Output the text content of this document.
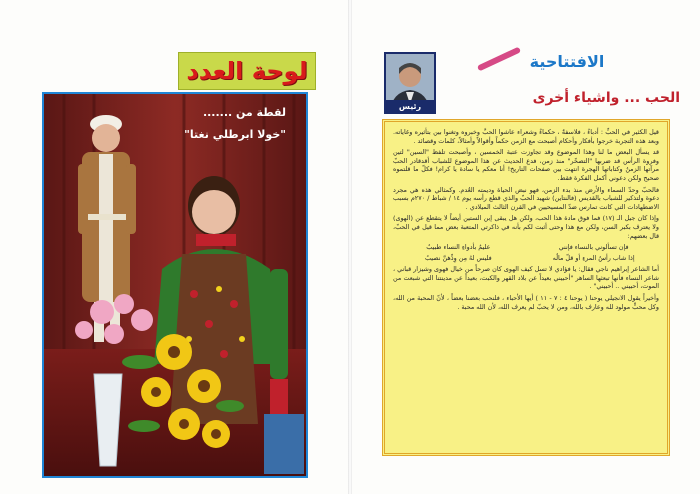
لوحة العدد
لقطة من .......
"خولا ابرطلي نغتا"
الافتتاحية
رئيس
الحب ... واشياء أخرى

قيل الكثير في الحبِّ : أدباءٌ ، فلاسفةٌ ، حكماءٌ وشعراء عاشوا الحبَّ وخبروه وتغنوا بين بتأثيره وغاياته. وبعد هذه التجربة خرجوا بأفكار وأحكام أصبحت مع الزمن حكماً وأقوالاً وأمثالاً، كلمات وقصائد .

قد يسأل البعض ما لنا وهذا الموضوع وقد تجاوزت عتبة الخمسين ، وأصبحت تلفظ "السين" لتين وفروة الرأس قد ضربها "التصحّر" منذ زمن، فدع الحديث عن هذا الموضوع للشباب أقدقادر الحبّ مرآتها الزمنُ وكتاباتها الهجرة انتهت بين صفحات التاريخ! أنا معكم يا سادة يا كرام! فكلّ ما قلتموه صحيح ولكن دعوني أكمل الفكرة فقط.

فالحبّ وحدّ السماء والأرض منذ بدء الزمن، فهو نبض الحياة وديمته العُدم. وكمثالي هذه هي مجرد دعوة ولتذكير للشباب بالقديس (فالنتاين) شهيد الحبّ والذي قطع رأسه يوم ١٤ / شباط / ٢٧٠م بسبب الاضطهادات التي كانت تمارس ضدّ المسيحيين في القرن الثالث الميلادي .

وإذا كان جيل الـ (١٧) فما فوق مادة هذا الحب، ولكن هل يبقى إبن الستين أيضاً لا يتقطع عن (الهوى) ولا يعترف بكبر السن، ولكن مع هذا وحتى أثبت لكم بأنه في ذاكرتي المتعبة بعض مما قيل في الحبّ، قال بعضهم:

فإن تسألوني بالنساء فإنني
عليمٌ بأدواءِ النساء طبيبُ
إذا شاب رأسُ المرءِ أو قلّ مالُه
فليس لهُ مِن وِدِّهنَّ نصيبُ

أما الشاعر إبراهيم ناجي فقال: يا فؤادي لا تسل كيف الهوى كان صرحاً من خيال فهوى وشيزار قباني ، شاعر النساء فأنها تبعثها الساهر "أحبيني بعيداً عن بلاد القهر والكبت، بعيداً عن مدينتنا التي شبعت من الموت، أحبيني .. أحبيني" .

وأخيراً يقول الانجيلي يوحنا ( يوحنا ٤ : ٧ - ١١ ) أيها الأحباء ، فلنحب بعضنا بعضاً ، لأنّ المحبة من الله، وكل محبٍّ مولود لله وعارف بالله، ومن لا يحبّ لم يعرف الله، لأن الله محبة .
